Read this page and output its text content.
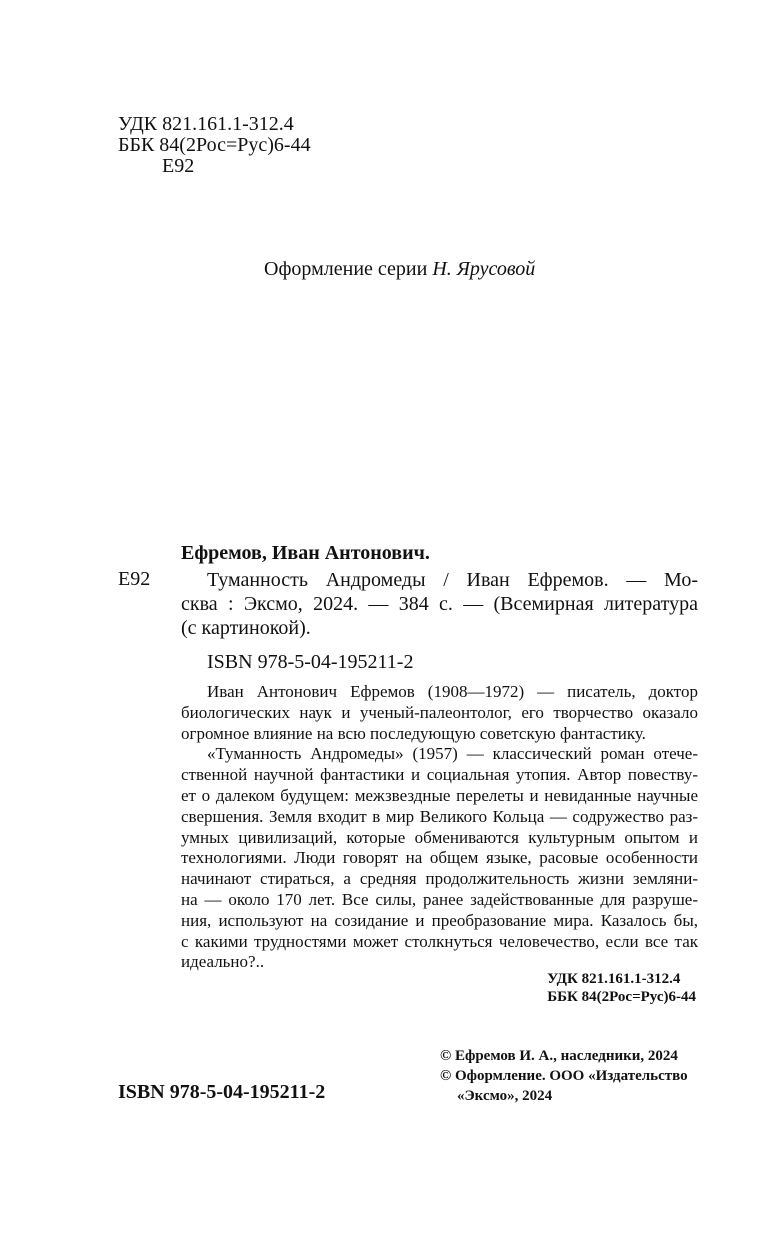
УДК 821.161.1-312.4
ББК 84(2Рос=Рус)6-44
Е92
Оформление серии Н. Ярусовой
Ефремов, Иван Антонович.
Е92	Туманность Андромеды / Иван Ефремов. — Мо-
сква : Эксмо, 2024. — 384 с. — (Всемирная литература
(с картинокой).
ISBN 978-5-04-195211-2
Иван Антонович Ефремов (1908—1972) — писатель, доктор
биологических наук и ученый-палеонтолог, его творчество оказало
огромное влияние на всю последующую советскую фантастику.
«Туманность Андромеды» (1957) — классический роман отече-
ственной научной фантастики и социальная утопия. Автор повеству-
ет о далеком будущем: межзвездные перелеты и невиданные научные
свершения. Земля входит в мир Великого Кольца — содружество раз-
умных цивилизаций, которые обмениваются культурным опытом и
технологиями. Люди говорят на общем языке, расовые особенности
начинают стираться, а средняя продолжительность жизни земляни-
на — около 170 лет. Все силы, ранее задействованные для разруше-
ния, используют на созидание и преобразование мира. Казалось бы,
с какими трудностями может столкнуться человечество, если все так
идеально?..
УДК 821.161.1-312.4
ББК 84(2Рос=Рус)6-44
© Ефремов И. А., наследники, 2024
© Оформление. ООО «Издательство
«Эксмо», 2024
ISBN 978-5-04-195211-2
